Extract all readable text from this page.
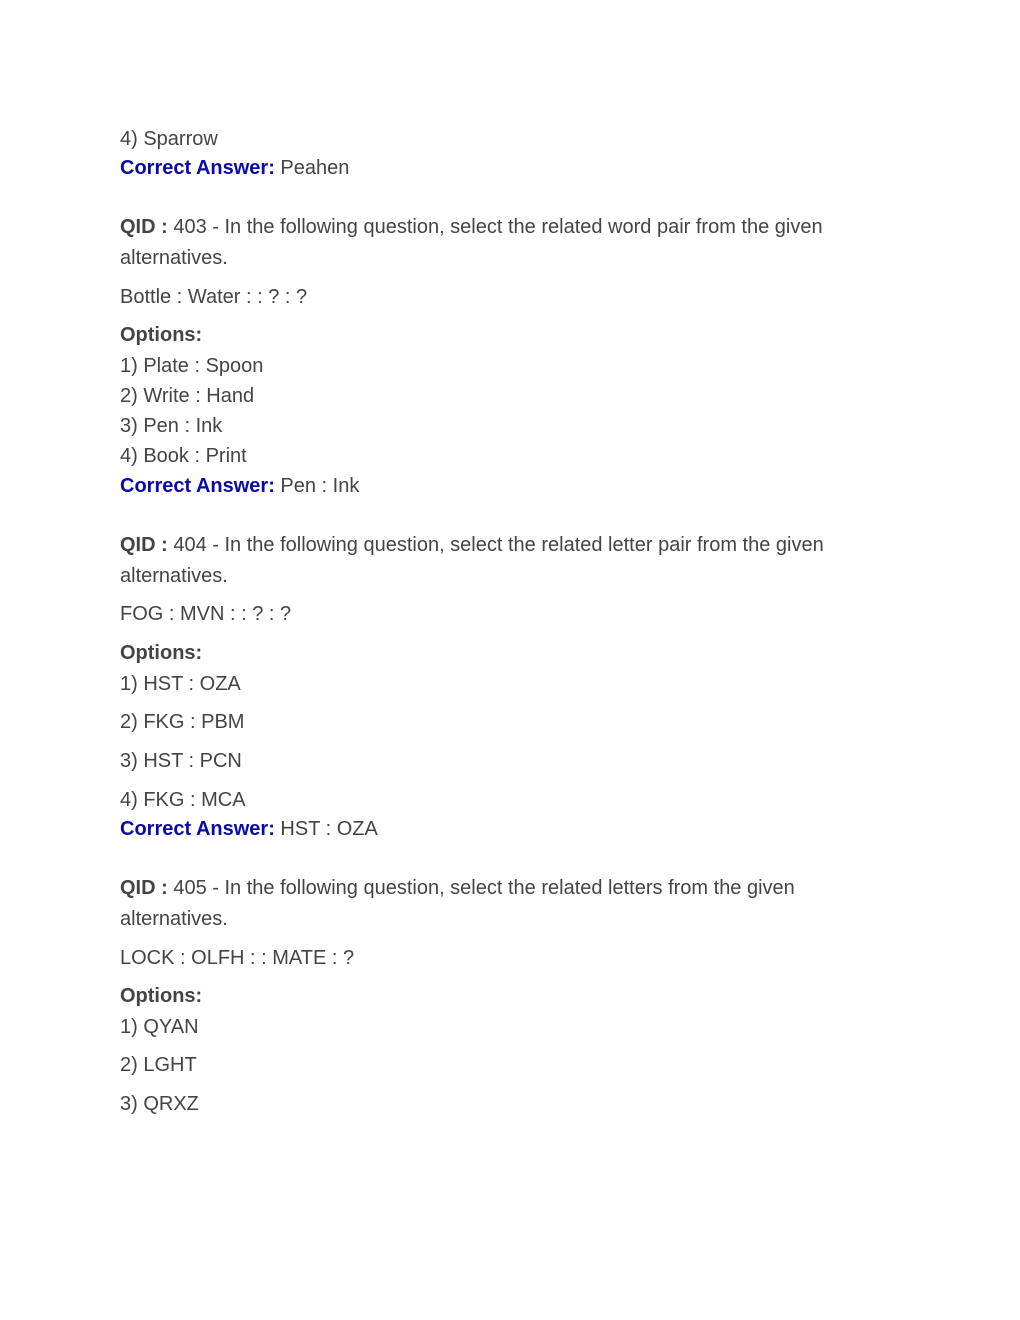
4) Sparrow
Correct Answer: Peahen
QID : 403 - In the following question, select the related word pair from the given alternatives.
Bottle : Water : : ? : ?
Options:
1) Plate : Spoon
2) Write : Hand
3) Pen : Ink
4) Book : Print
Correct Answer: Pen : Ink
QID : 404 - In the following question, select the related letter pair from the given alternatives.
FOG : MVN : : ? : ?
Options:
1) HST : OZA
2) FKG : PBM
3) HST : PCN
4) FKG : MCA
Correct Answer: HST : OZA
QID : 405 - In the following question, select the related letters from the given alternatives.
LOCK : OLFH : : MATE : ?
Options:
1) QYAN
2) LGHT
3) QRXZ
